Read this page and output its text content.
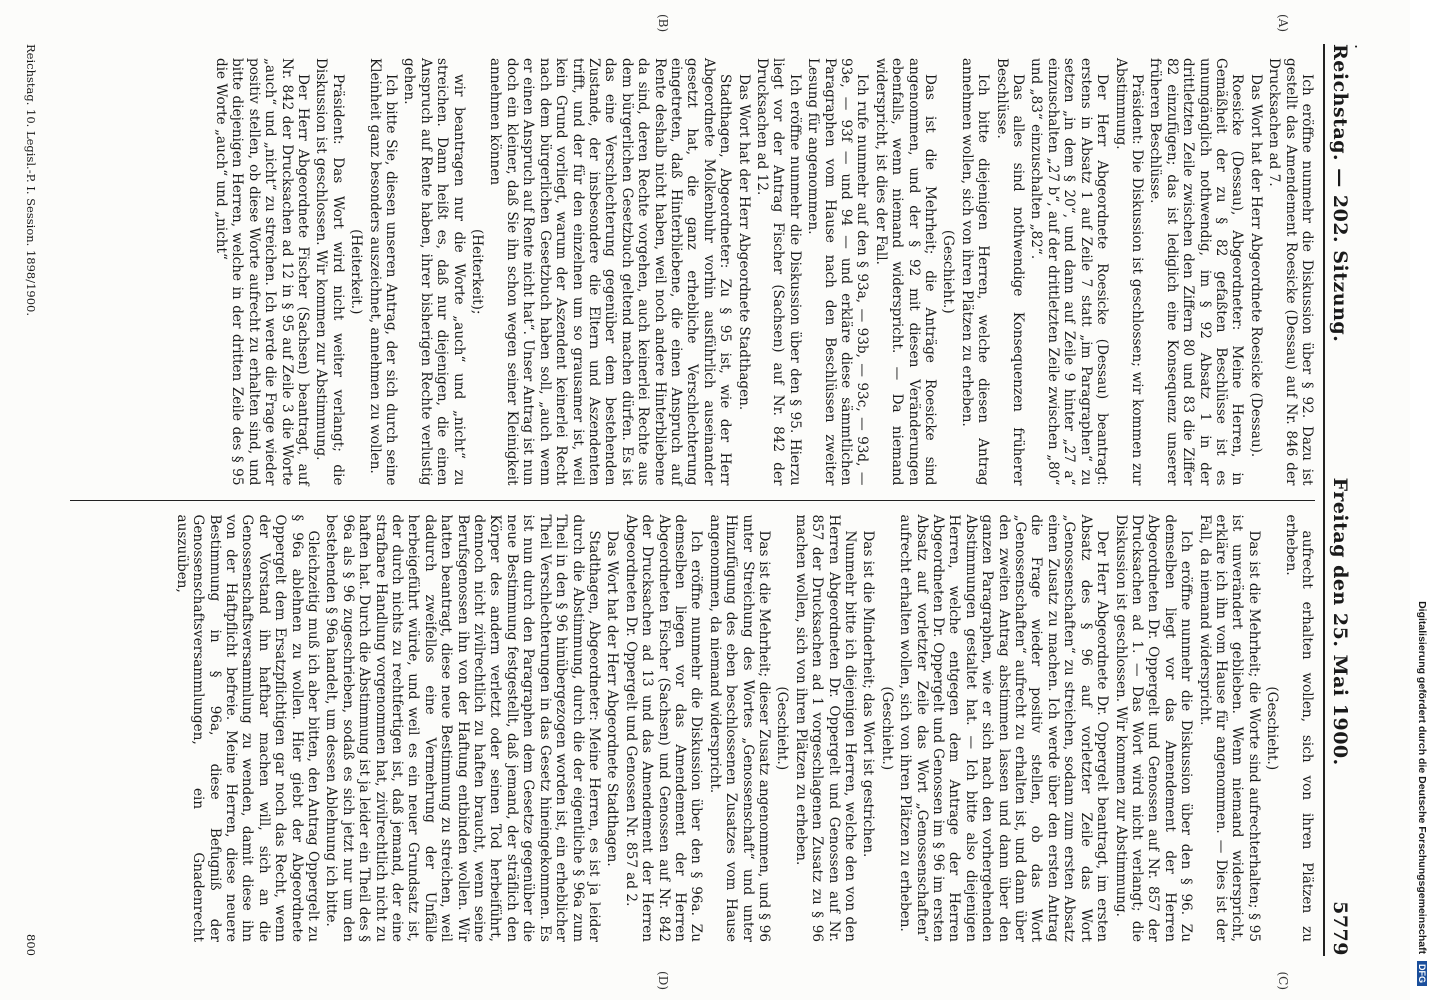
.
Reichstag. — 202. Sitzung.
Freitag den 25. Mai 1900.
5779
(A)
(B)
(C)
(D)

Ich eröffne nunmehr die Diskussion über § 92. Dazu ist gestellt das Amendement Roesicke (Dessau) auf Nr. 846 der Drucksachen ad 7.

Das Wort hat der Herr Abgeordnete Roesicke (Dessau).

Roesicke (Dessau), Abgeordneter: Meine Herren, in Gemäßheit der zu § 82 gefaßten Beschlüsse ist es unumgänglich nothwendig, im § 92 Absatz 1 in der drittletzten Zeile zwischen den Ziffern 80 und 83 die Ziffer 82 einzufügen; das ist lediglich eine Konsequenz unserer früheren Beschlüsse.

Präsident: Die Diskussion ist geschlossen; wir kommen zur Abstimmung.

Der Herr Abgeordnete Roesicke (Dessau) beantragt: erstens in Absatz 1 auf Zeile 7 statt „im Paragraphen“ zu setzen „in dem § 20“, und dann auf Zeile 9 hinter „27 a“ einzuschalten „27 b“, auf der drittletzten Zeile zwischen „80“ und „83“ einzuschalten „82“.

Das alles sind nothwendige Konsequenzen früherer Beschlüsse.

Ich bitte diejenigen Herren, welche diesen Antrag annehmen wollen, sich von ihren Plätzen zu erheben.

(Geschieht.)

Das ist die Mehrheit; die Anträge Roesicke sind angenommen, und der § 92 mit diesen Veränderungen ebenfalls, wenn niemand widerspricht. — Da niemand widerspricht, ist dies der Fall.

Ich rufe nunmehr auf den § 93a, — 93b, — 93c, — 93d, — 93e, — 93f — und 94 — und erkläre diese sämmtlichen Paragraphen vom Hause nach den Beschlüssen zweiter Lesung für angenommen.

Ich eröffne nunmehr die Diskussion über den § 95. Hierzu liegt vor der Antrag Fischer (Sachsen) auf Nr. 842 der Drucksachen ad 12.

Das Wort hat der Herr Abgeordnete Stadthagen.

Stadthagen, Abgeordneter: Zu § 95 ist, wie der Herr Abgeordnete Molkenbuhr vorhin ausführlich auseinander gesetzt hat, die ganz erhebliche Verschlechterung eingetreten, daß Hinterbliebene, die einen Anspruch auf Rente deshalb nicht haben, weil noch andere Hinterbliebene da sind, deren Rechte vorgehen, auch keinerlei Rechte aus dem bürgerlichen Gesetzbuch geltend machen dürfen. Es ist das eine Verschlechterung gegenüber dem bestehenden Zustande, der insbesondere die Eltern und Aszendenten trifft, und der für den einzelnen um so grausamer ist, weil kein Grund vorliegt, warum der Aszendent keinerlei Recht nach dem bürgerlichen Gesetzbuch haben soll, „auch wenn er einen Anspruch auf Rente nicht hat“. Unser Antrag ist nun doch ein kleiner, daß Sie ihn schon wegen seiner Kleinigkeit annehmen können

(Heiterkeit);

wir beantragen nur die Worte „auch“ und „nicht“ zu streichen. Dann heißt es, daß nur diejenigen, die einen Anspruch auf Rente haben, ihrer bisherigen Rechte verlustig gehen.

Ich bitte Sie, diesen unseren Antrag, der sich durch seine Kleinheit ganz besonders auszeichnet, annehmen zu wollen.

(Heiterkeit.)

Präsident: Das Wort wird nicht weiter verlangt; die Diskussion ist geschlossen. Wir kommen zur Abstimmung.

Der Herr Abgeordnete Fischer (Sachsen) beantragt, auf Nr. 842 der Drucksachen ad 12 in § 95 auf Zeile 3 die Worte „auch“ und „nicht“ zu streichen. Ich werde die Frage wieder positiv stellen, ob diese Worte aufrecht zu erhalten sind, und bitte diejenigen Herren, welche in der dritten Zeile des § 95 die Worte „auch“ und „nicht“

aufrecht erhalten wollen, sich von ihren Plätzen zu erheben.

(Geschieht.)

Das ist die Mehrheit; die Worte sind aufrechterhalten; § 95 ist unverändert geblieben. Wenn niemand widerspricht, erkläre ich ihn vom Hause für angenommen. — Dies ist der Fall, da niemand widerspricht.

Ich eröffne nunmehr die Diskussion über den § 96. Zu demselben liegt vor das Amendement der Herren Abgeordneten Dr. Oppergelt und Genossen auf Nr. 857 der Drucksachen ad 1. — Das Wort wird nicht verlangt; die Diskussion ist geschlossen. Wir kommen zur Abstimmung.

Der Herr Abgeordnete Dr. Oppergelt beantragt, im ersten Absatz des § 96 auf vorletzter Zeile das Wort „Genossenschaften“ zu streichen, sodann zum ersten Absatz einen Zusatz zu machen. Ich werde über den ersten Antrag die Frage wieder positiv stellen, ob das Wort „Genossenschaften“ aufrecht zu erhalten ist, und dann über den zweiten Antrag abstimmen lassen und dann über den ganzen Paragraphen, wie er sich nach den vorhergehenden Abstimmungen gestaltet hat. — Ich bitte also diejenigen Herren, welche entgegen dem Antrage der Herren Abgeordneten Dr. Oppergelt und Genossen im § 96 im ersten Absatz auf vorletzter Zeile das Wort „Genossenschaften“ aufrecht erhalten wollen, sich von ihren Plätzen zu erheben.

(Geschieht.)

Das ist die Minderheit; das Wort ist gestrichen.

Nunmehr bitte ich diejenigen Herren, welche den von den Herren Abgeordneten Dr. Oppergelt und Genossen auf Nr. 857 der Drucksachen ad 1 vorgeschlagenen Zusatz zu § 96 machen wollen, sich von ihren Plätzen zu erheben.

(Geschieht.)

Das ist die Mehrheit; dieser Zusatz angenommen, und § 96 unter Streichung des Wortes „Genossenschaft“ und unter Hinzufügung des eben beschlossenen Zusatzes vom Hause angenommen, da niemand widerspricht.

Ich eröffne nunmehr die Diskussion über den § 96a. Zu demselben liegen vor das Amendement der Herren Abgeordneten Fischer (Sachsen) und Genossen auf Nr. 842 der Drucksachen ad 13 und das Amendement der Herren Abgeordneten Dr. Oppergelt und Genossen Nr. 857 ad 2.

Das Wort hat der Herr Abgeordnete Stadthagen.

Stadthagen, Abgeordneter: Meine Herren, es ist ja leider durch die Abstimmung, durch die der eigentliche § 96a zum Theil in den § 96 hinübergezogen worden ist, ein erheblicher Theil Verschlechterungen in das Gesetz hineingekommen. Es ist nun durch den Paragraphen dem Gesetze gegenüber die neue Bestimmung festgestellt, daß jemand, der sträflich den Körper des andern verletzt oder seinen Tod herbeiführt, dennoch nicht zivilrechtlich zu haften braucht, wenn seine Berufsgenossen ihn von der Haftung entbinden wollen. Wir hatten beantragt, diese neue Bestimmung zu streichen, weil dadurch zweifellos eine Vermehrung der Unfälle herbeigeführt würde, und weil es ein neuer Grundsatz ist, der durch nichts zu rechtfertigen ist, daß jemand, der eine strafbare Handlung vorgenommen hat, zivilrechtlich nicht zu haften hat. Durch die Abstimmung ist ja leider ein Theil des § 96a als § 96 zugeschrieben, sodaß es sich jetzt nur um den bestehenden § 96a handelt, um dessen Ablehnung ich bitte.

Gleichzeitig muß ich aber bitten, den Antrag Oppergelt zu § 96a ablehnen zu wollen. Hier giebt der Abgeordnete Oppergelt dem Ersatzpflichtigen gar noch das Recht, wenn der Vorstand ihn haftbar machen will, sich an die Genossenschaftsversammlung zu wenden, damit diese ihn von der Haftpflicht befreie. Meine Herren, diese neuere Bestimmung in § 96a, diese Befugniß der Genossenschaftsversammlungen, ein Gnadenrecht auszuüben,

Reichstag. 10. Legisl.-P. I. Session. 1898/1900.
800	Digitalisierung gefördert durch die Deutsche Forschungsgemeinschaft DFG
